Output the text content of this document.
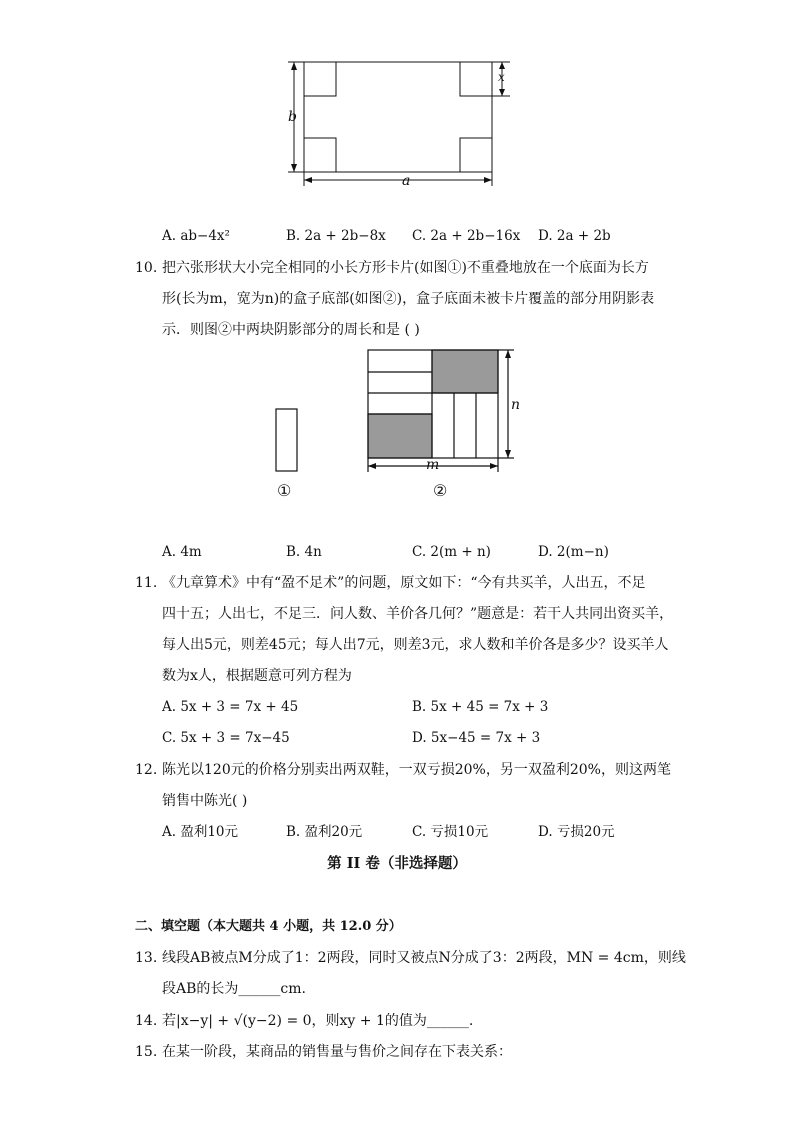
b
x
a
A. ab−4x²	B. 2a + 2b−8x C. 2a + 2b−16x D. 2a + 2b
10. 把六张形状大小完全相同的小长方形卡片(如图①)不重叠地放在一个底面为长方
形(长为m，宽为n)的盒子底部(如图②)，盒子底面未被卡片覆盖的部分用阴影表
示．则图②中两块阴影部分的周长和是 ( )
n
m
①	②
A. 4m	B. 4n	C. 2(m + n)	D. 2(m−n)
11. 《九章算术》中有“盈不足术”的问题，原文如下：“今有共买羊，人出五，不足
四十五；人出七，不足三．问人数、羊价各几何？”题意是：若干人共同出资买羊，
每人出5元，则差45元；每人出7元，则差3元，求人数和羊价各是多少？设买羊人
数为x人，根据题意可列方程为
A. 5x + 3 = 7x + 45	B. 5x + 45 = 7x + 3
C. 5x + 3 = 7x−45	D. 5x−45 = 7x + 3
12. 陈光以120元的价格分别卖出两双鞋，一双亏损20%，另一双盈利20%，则这两笔
销售中陈光( )
A. 盈利10元	B. 盈利20元	C. 亏损10元	D. 亏损20元
第 II 卷（非选择题）
二、填空题（本大题共 4 小题，共 12.0 分）
13. 线段AB被点M分成了1：2两段，同时又被点N分成了3：2两段，MN = 4cm，则线
段AB的长为______cm.
14. 若|x−y| + √(y−2) = 0，则xy + 1的值为______.
15. 在某一阶段，某商品的销售量与售价之间存在下表关系：
